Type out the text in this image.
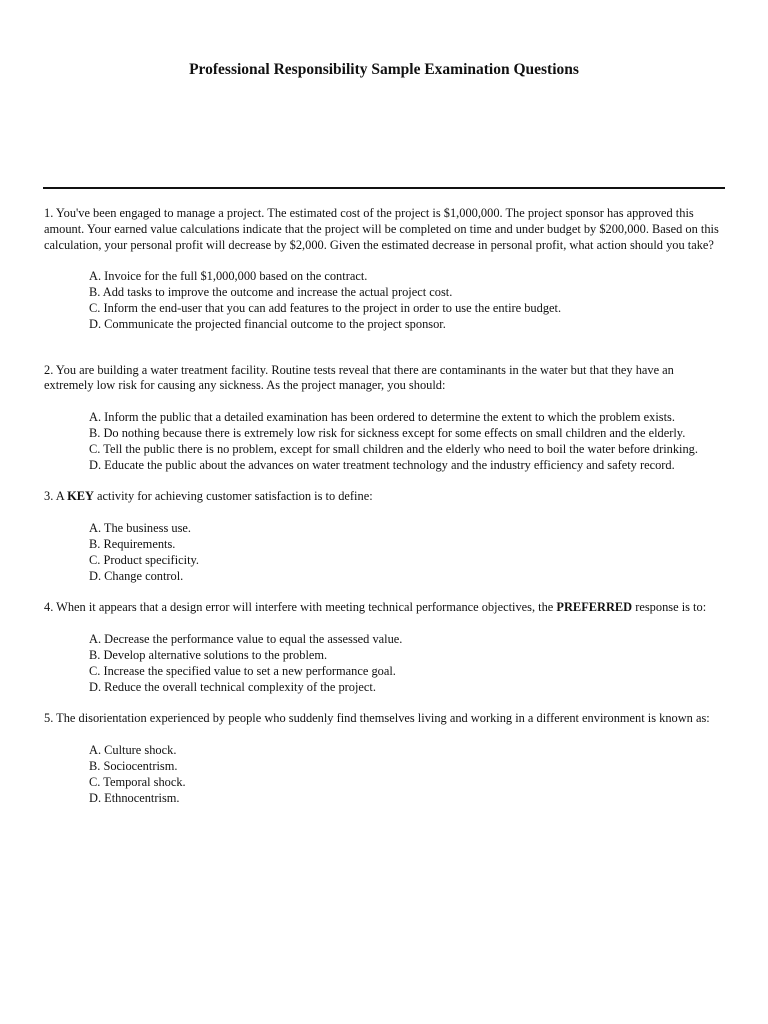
Professional Responsibility Sample Examination Questions

1. You've been engaged to manage a project. The estimated cost of the project is $1,000,000. The project sponsor has approved this amount. Your earned value calculations indicate that the project will be completed on time and under budget by $200,000. Based on this calculation, your personal profit will decrease by $2,000. Given the estimated decrease in personal profit, what action should you take?

A. Invoice for the full $1,000,000 based on the contract.
B. Add tasks to improve the outcome and increase the actual project cost.
C. Inform the end-user that you can add features to the project in order to use the entire budget.
D. Communicate the projected financial outcome to the project sponsor.

2. You are building a water treatment facility. Routine tests reveal that there are contaminants in the water but that they have an extremely low risk for causing any sickness. As the project manager, you should:

A. Inform the public that a detailed examination has been ordered to determine the extent to which the problem exists.
B. Do nothing because there is extremely low risk for sickness except for some effects on small children and the elderly.
C. Tell the public there is no problem, except for small children and the elderly who need to boil the water before drinking.
D. Educate the public about the advances on water treatment technology and the industry efficiency and safety record.

3. A KEY activity for achieving customer satisfaction is to define:

A. The business use.
B. Requirements.
C. Product specificity.
D. Change control.

4. When it appears that a design error will interfere with meeting technical performance objectives, the PREFERRED response is to:

A. Decrease the performance value to equal the assessed value.
B. Develop alternative solutions to the problem.
C. Increase the specified value to set a new performance goal.
D. Reduce the overall technical complexity of the project.

5. The disorientation experienced by people who suddenly find themselves living and working in a different environment is known as:

A. Culture shock.
B. Sociocentrism.
C. Temporal shock.
D. Ethnocentrism.
